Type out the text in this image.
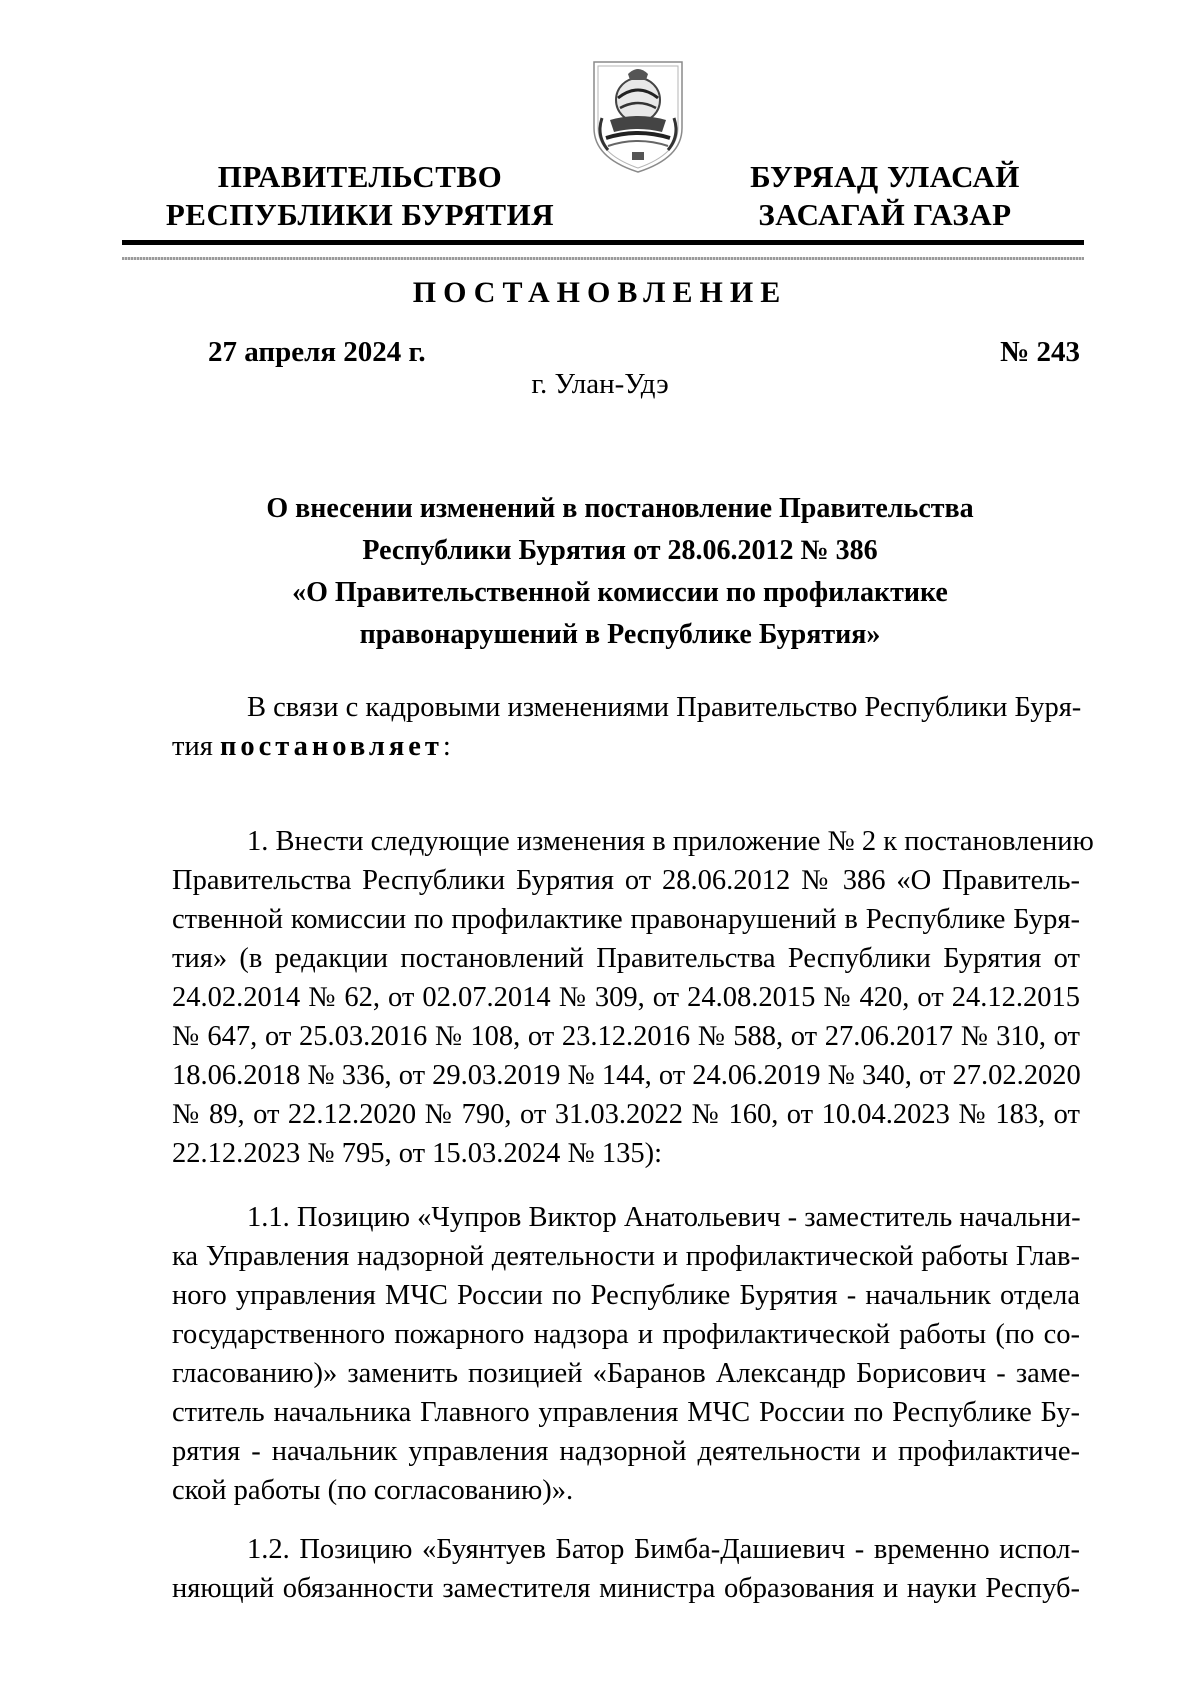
ПРАВИТЕЛЬСТВО
РЕСПУБЛИКИ БУРЯТИЯ
БУРЯАД УЛАСАЙ
ЗАСАГАЙ ГАЗАР
ПОСТАНОВЛЕНИЕ
27 апреля 2024 г.	№ 243
г. Улан-Удэ
О внесении изменений в постановление Правительства
Республики Бурятия от 28.06.2012 № 386
«О Правительственной комиссии по профилактике
правонарушений в Республике Бурятия»
В связи с кадровыми изменениями Правительство Республики Буря-
тия постановляет:
1. Внести следующие изменения в приложение № 2 к постановлению
Правительства Республики Бурятия от 28.06.2012 № 386 «О Правитель-
ственной комиссии по профилактике правонарушений в Республике Буря-
тия» (в редакции постановлений Правительства Республики Бурятия от
24.02.2014 № 62, от 02.07.2014 № 309, от 24.08.2015 № 420, от 24.12.2015
№ 647, от 25.03.2016 № 108, от 23.12.2016 № 588, от 27.06.2017 № 310, от
18.06.2018 № 336, от 29.03.2019 № 144, от 24.06.2019 № 340, от 27.02.2020
№ 89, от 22.12.2020 № 790, от 31.03.2022 № 160, от 10.04.2023 № 183, от
22.12.2023 № 795, от 15.03.2024 № 135):
1.1. Позицию «Чупров Виктор Анатольевич - заместитель начальни-
ка Управления надзорной деятельности и профилактической работы Глав-
ного управления МЧС России по Республике Бурятия - начальник отдела
государственного пожарного надзора и профилактической работы (по со-
гласованию)» заменить позицией «Баранов Александр Борисович - заме-
ститель начальника Главного управления МЧС России по Республике Бу-
рятия - начальник управления надзорной деятельности и профилактиче-
ской работы (по согласованию)».
1.2. Позицию «Буянтуев Батор Бимба-Дашиевич - временно испол-
няющий обязанности заместителя министра образования и науки Респуб-
